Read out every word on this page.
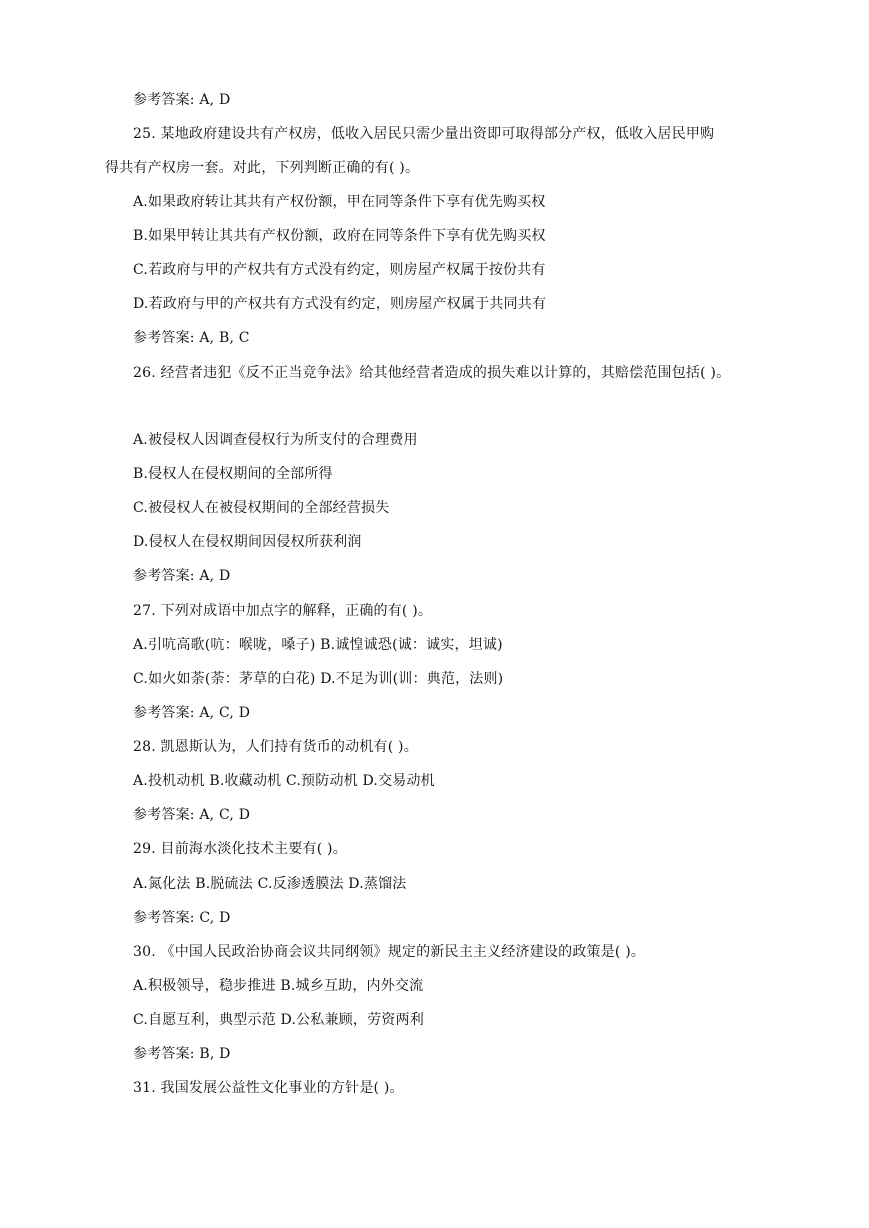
参考答案: A, D
25. 某地政府建设共有产权房，低收入居民只需少量出资即可取得部分产权，低收入居民甲购
得共有产权房一套。对此，下列判断正确的有( )。
A.如果政府转让其共有产权份额，甲在同等条件下享有优先购买权
B.如果甲转让其共有产权份额，政府在同等条件下享有优先购买权
C.若政府与甲的产权共有方式没有约定，则房屋产权属于按份共有
D.若政府与甲的产权共有方式没有约定，则房屋产权属于共同共有
参考答案: A, B, C
26. 经营者违犯《反不正当竞争法》给其他经营者造成的损失难以计算的，其赔偿范围包括( )。
A.被侵权人因调查侵权行为所支付的合理费用
B.侵权人在侵权期间的全部所得
C.被侵权人在被侵权期间的全部经营损失
D.侵权人在侵权期间因侵权所获利润
参考答案: A, D
27. 下列对成语中加点字的解释，正确的有( )。
A.引吭高歌(吭：喉咙，嗓子) B.诚惶诚恐(诚：诚实，坦诚)
C.如火如荼(荼：茅草的白花) D.不足为训(训：典范，法则)
参考答案: A, C, D
28. 凯恩斯认为，人们持有货币的动机有( )。
A.投机动机 B.收藏动机 C.预防动机 D.交易动机
参考答案: A, C, D
29. 目前海水淡化技术主要有( )。
A.氮化法 B.脱硫法 C.反渗透膜法 D.蒸馏法
参考答案: C, D
30. 《中国人民政治协商会议共同纲领》规定的新民主主义经济建设的政策是( )。
A.积极领导，稳步推进 B.城乡互助，内外交流
C.自愿互利，典型示范 D.公私兼顾，劳资两利
参考答案: B, D
31. 我国发展公益性文化事业的方针是( )。
